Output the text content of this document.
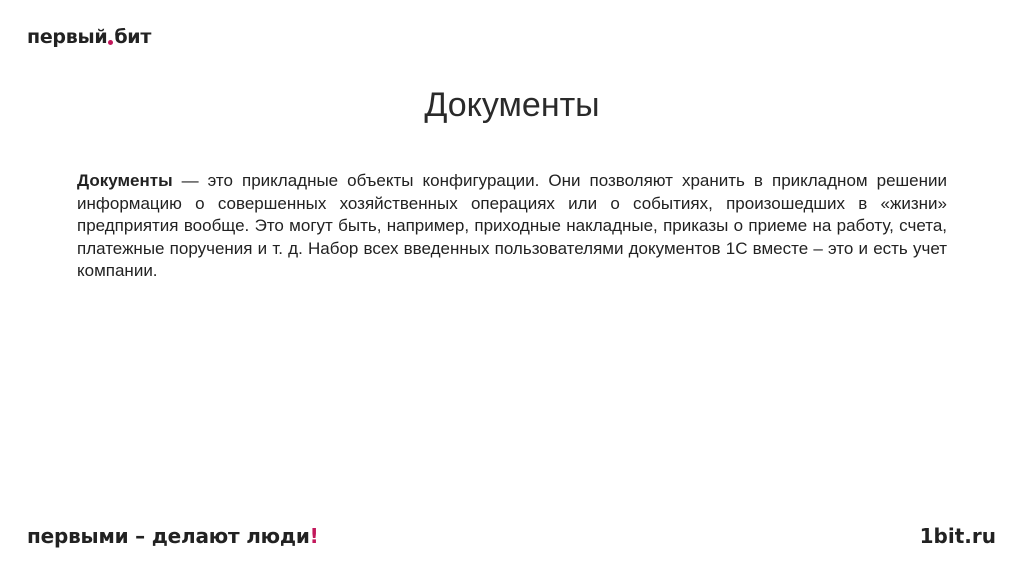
первый бит
Документы

Документы — это прикладные объекты конфигурации. Они позволяют хранить в прикладном решении информацию о совершенных хозяйственных операциях или о событиях, произошедших в «жизни» предприятия вообще. Это могут быть, например, приходные накладные, приказы о приеме на работу, счета, платежные поручения и т. д. Набор всех введенных пользователями документов 1С вместе – это и есть учет компании.

первыми – делают люди!	1bit.ru
